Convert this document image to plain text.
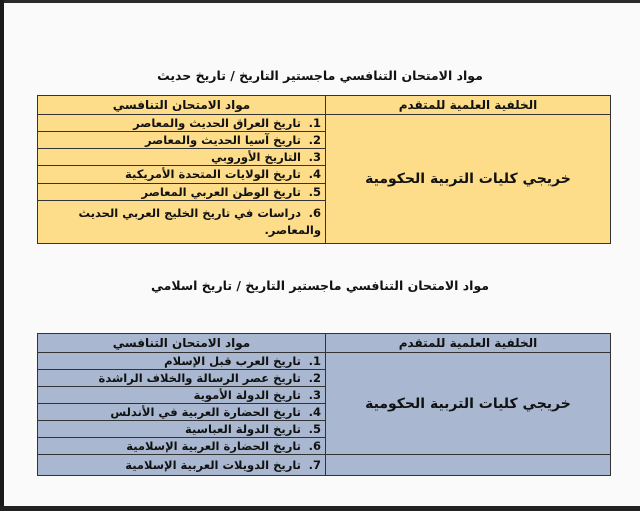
مواد الامتحان التنافسي ماجستير التاريخ / تاريخ حديث
الخلفية العلمية للمتقدم	مواد الامتحان التنافسي
خريجي كليات التربية الحكومية	1. تاريخ العراق الحديث والمعاصر
	2. تاريخ آسيا الحديث والمعاصر
	3. التاريخ الأوروبي
	4. تاريخ الولايات المتحدة الأمريكية
	5. تاريخ الوطن العربي المعاصر
	6. دراسات في تاريخ الخليج العربي الحديث والمعاصر.
مواد الامتحان التنافسي ماجستير التاريخ / تاريخ اسلامي
الخلفية العلمية للمتقدم	مواد الامتحان التنافسي
خريجي كليات التربية الحكومية	1. تاريخ العرب قبل الإسلام
	2. تاريخ عصر الرسالة والخلاف الراشدة
	3. تاريخ الدولة الأموية
	4. تاريخ الحضارة العربية في الأندلس
	5. تاريخ الدولة العباسية
	6. تاريخ الحضارة العربية الإسلامية
	7. تاريخ الدويلات العربية الإسلامية
